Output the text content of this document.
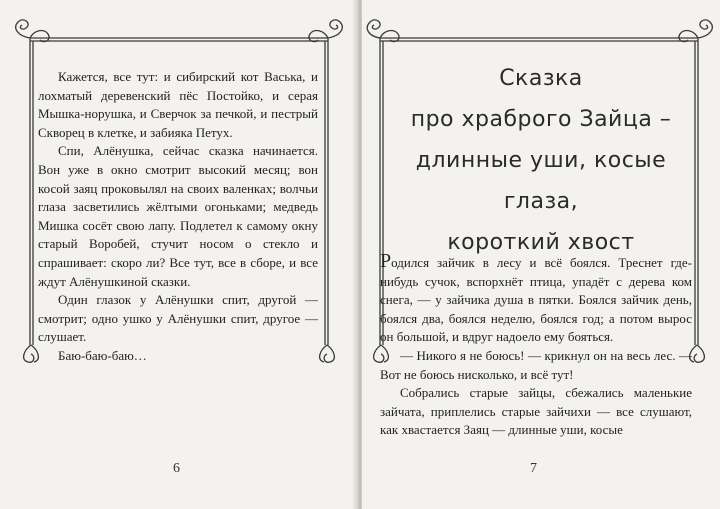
Кажется, все тут: и сибирский кот Васька, и лохматый деревенский пёс Постойко, и серая Мышка-норушка, и Сверчок за печкой, и пестрый Скворец в клетке, и забияка Петух.

Спи, Алёнушка, сейчас сказка начинается. Вон уже в окно смотрит высокий месяц; вон косой заяц проковылял на своих валенках; волчьи глаза засветились жёлтыми огоньками; медведь Мишка сосёт свою лапу. Подлетел к самому окну старый Воробей, стучит носом о стекло и спрашивает: скоро ли? Все тут, все в сборе, и все ждут Алёнушкиной сказки.

Один глазок у Алёнушки спит, другой — смотрит; одно ушко у Алёнушки спит, другое — слушает.

Баю-баю-баю…

6
Сказка
про храброго Зайца –
длинные уши, косые глаза,
короткий хвост

Родился зайчик в лесу и всё боялся. Треснет где-нибудь сучок, вспорхнёт птица, упадёт с дерева ком снега, — у зайчика душа в пятки. Боялся зайчик день, боялся два, боялся неделю, боялся год; а потом вырос он большой, и вдруг надоело ему бояться.

— Никого я не боюсь! — крикнул он на весь лес. — Вот не боюсь нисколько, и всё тут!

Собрались старые зайцы, сбежались маленькие зайчата, приплелись старые зайчихи — все слушают, как хвастается Заяц — длинные уши, косые

7
